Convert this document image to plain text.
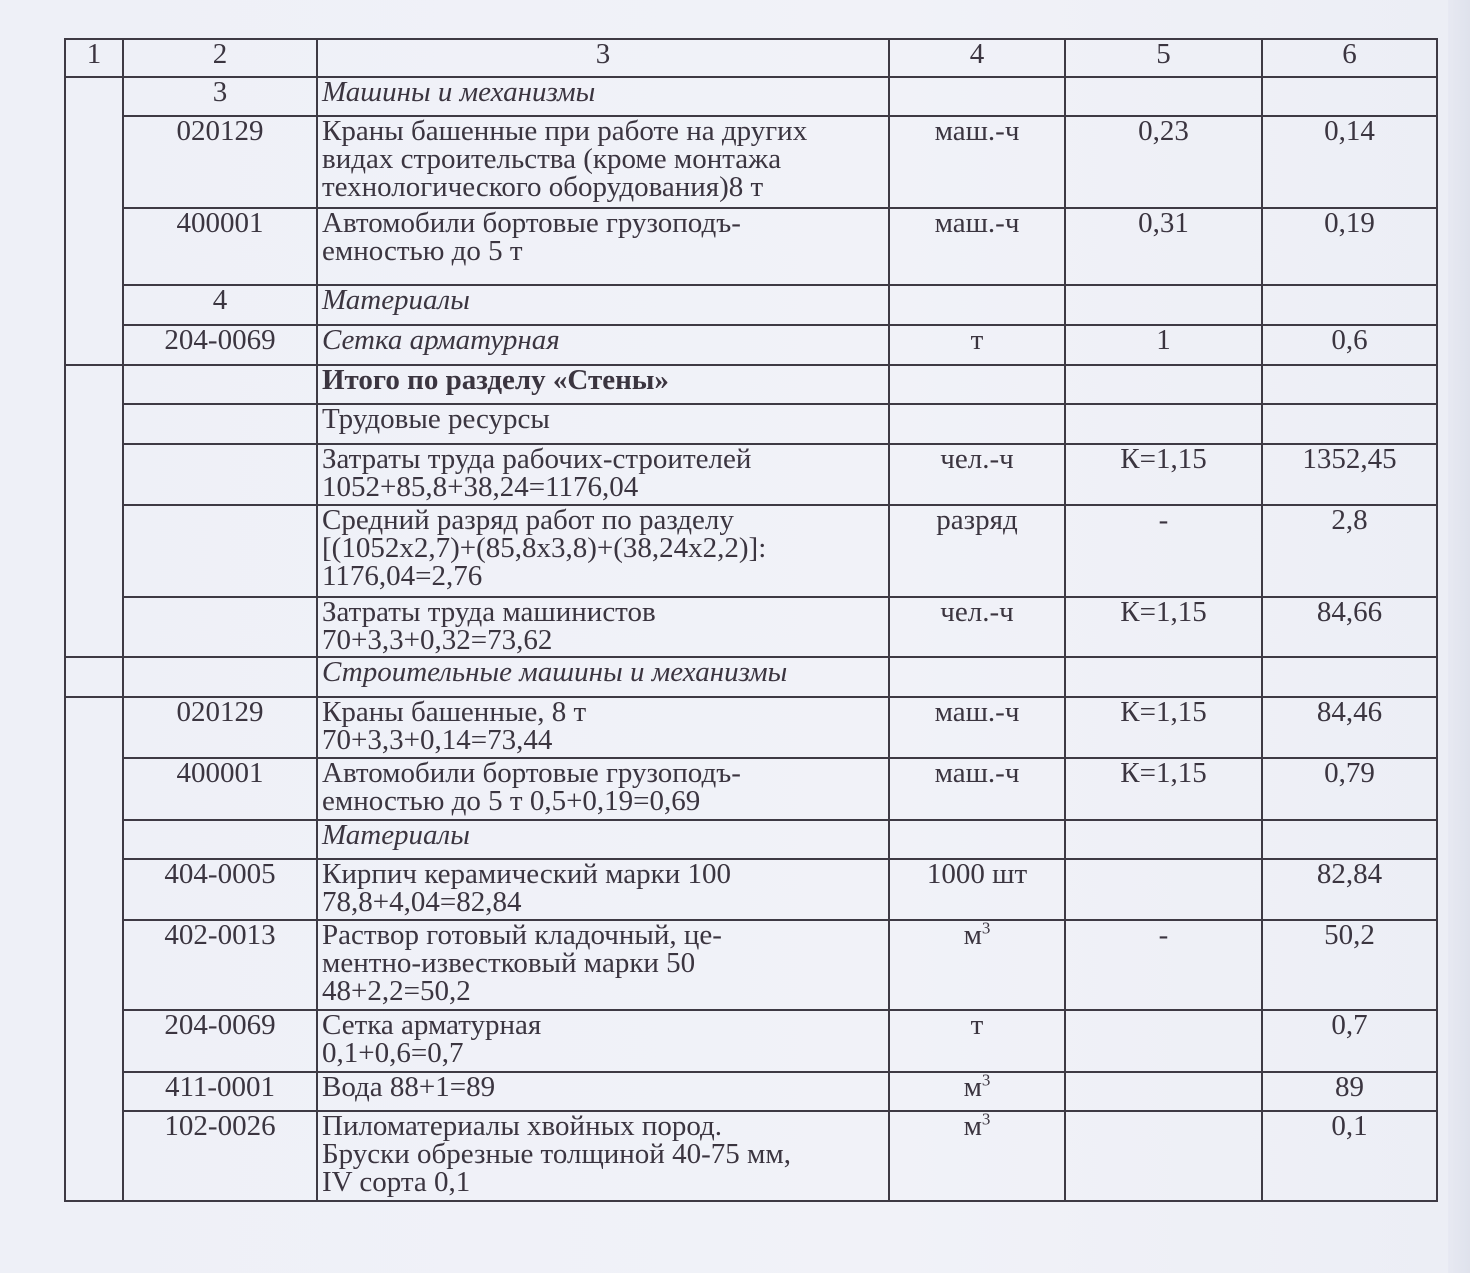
1	2	3	4	5	6
	3	Машины и механизмы			

	020129	Краны башенные при работе на других
видах строительства (кроме монтажа
технологического оборудования)8 т	маш.-ч	0,23	0,14
	400001	Автомобили бортовые грузоподъ-
емностью до 5 т	маш.-ч	0,31	0,19
	4	Материалы			

	204-0069	Сетка арматурная	т	1	0,6

		Итого по разделу «Стены»			

		Трудовые ресурсы			

		Затраты труда рабочих-строителей
1052+85,8+38,24=1176,04	чел.-ч	К=1,15	1352,45

		Средний разряд работ по разделу
[(1052х2,7)+(85,8х3,8)+(38,24х2,2)]:
1176,04=2,76	разряд	-	2,8

		Затраты труда машинистов
70+3,3+0,32=73,62	чел.-ч	К=1,15	84,66

		Строительные машины и механизмы			

	020129	Краны башенные, 8 т
70+3,3+0,14=73,44	маш.-ч	К=1,15	84,46
	400001	Автомобили бортовые грузоподъ-
емностью до 5 т 0,5+0,19=0,69	маш.-ч	К=1,15	0,79

		Материалы			

	404-0005	Кирпич керамический марки 100
78,8+4,04=82,84	1000 шт		82,84
	402-0013	Раствор готовый кладочный, це-
ментно-известковый марки 50
48+2,2=50,2	$м^3$	-	50,2
	204-0069	Сетка арматурная
0,1+0,6=0,7	т		0,7
	411-0001	Вода 88+1=89	$м^3$		89
	102-0026	Пиломатериалы хвойных пород.
Бруски обрезные толщиной 40-75 мм,
IV сорта 0,1	$м^3$		0,1
